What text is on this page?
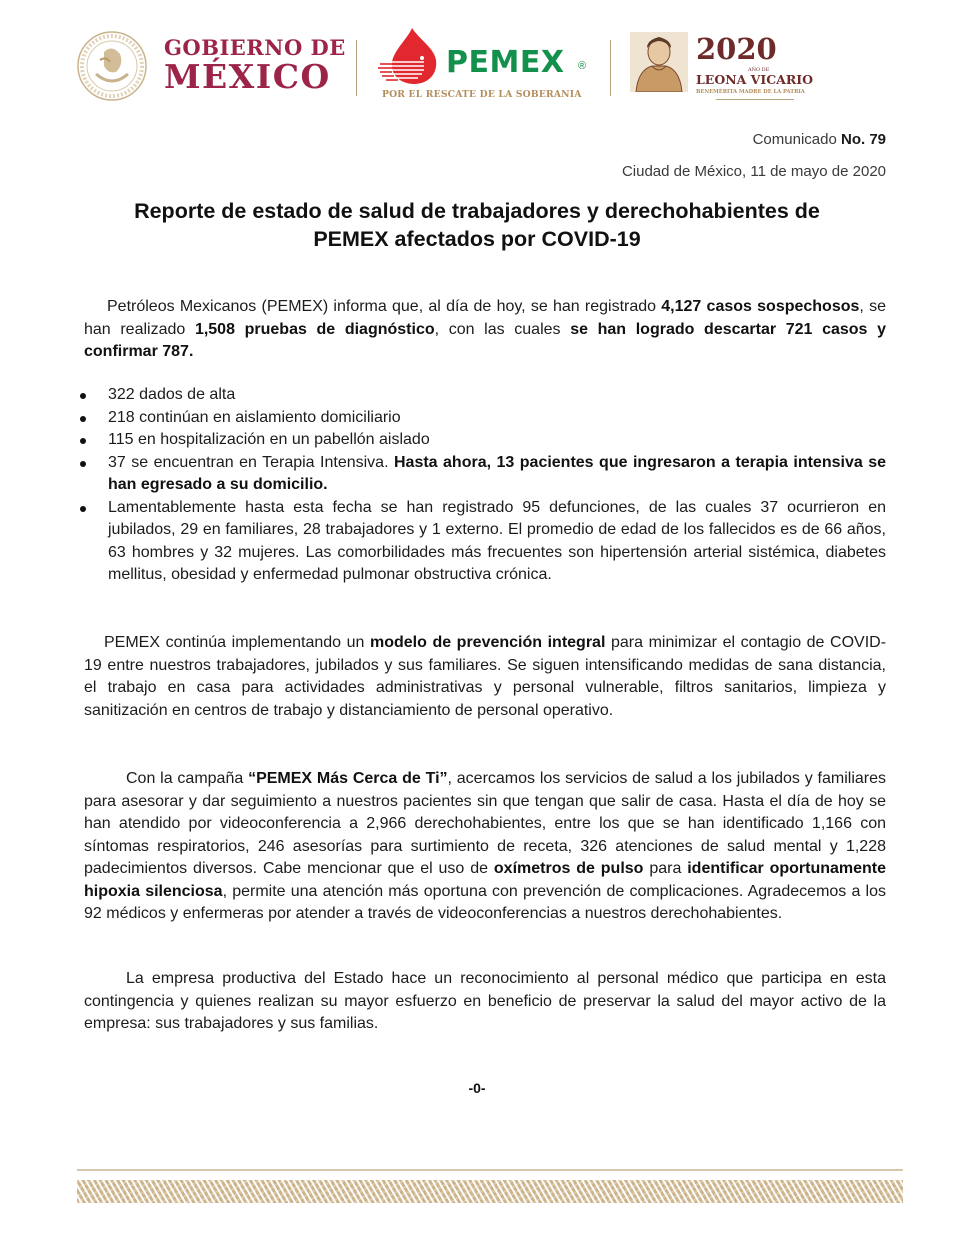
GOBIERNO DE
MÉXICO	PEMEX ®
POR EL RESCATE DE LA SOBERANIA
2020
AÑO DE
LEONA VICARIO
BENEMÉRITA MADRE DE LA PATRIA
Comunicado No. 79
Ciudad de México, 11 de mayo de 2020
Reporte de estado de salud de trabajadores y derechohabientes de
PEMEX afectados por COVID-19
Petróleos Mexicanos (PEMEX) informa que, al día de hoy, se han registrado 4,127 casos sospechosos, se han realizado 1,508 pruebas de diagnóstico, con las cuales se han logrado descartar 721 casos y confirmar 787.
322 dados de alta
218 continúan en aislamiento domiciliario
115 en hospitalización en un pabellón aislado
37 se encuentran en Terapia Intensiva. Hasta ahora, 13 pacientes que ingresaron a terapia intensiva se han egresado a su domicilio.
Lamentablemente hasta esta fecha se han registrado 95 defunciones, de las cuales 37 ocurrieron en jubilados, 29 en familiares, 28 trabajadores y 1 externo. El promedio de edad de los fallecidos es de 66 años, 63 hombres y 32 mujeres. Las comorbilidades más frecuentes son hipertensión arterial sistémica, diabetes mellitus, obesidad y enfermedad pulmonar obstructiva crónica.
PEMEX continúa implementando un modelo de prevención integral para minimizar el contagio de COVID-19 entre nuestros trabajadores, jubilados y sus familiares. Se siguen intensificando medidas de sana distancia, el trabajo en casa para actividades administrativas y personal vulnerable, filtros sanitarios, limpieza y sanitización en centros de trabajo y distanciamiento de personal operativo.
Con la campaña “PEMEX Más Cerca de Ti”, acercamos los servicios de salud a los jubilados y familiares para asesorar y dar seguimiento a nuestros pacientes sin que tengan que salir de casa. Hasta el día de hoy se han atendido por videoconferencia a 2,966 derechohabientes, entre los que se han identificado 1,166 con síntomas respiratorios, 246 asesorías para surtimiento de receta, 326 atenciones de salud mental y 1,228 padecimientos diversos. Cabe mencionar que el uso de oxímetros de pulso para identificar oportunamente hipoxia silenciosa, permite una atención más oportuna con prevención de complicaciones. Agradecemos a los 92 médicos y enfermeras por atender a través de videoconferencias a nuestros derechohabientes.
La empresa productiva del Estado hace un reconocimiento al personal médico que participa en esta contingencia y quienes realizan su mayor esfuerzo en beneficio de preservar la salud del mayor activo de la empresa: sus trabajadores y sus familias.
-0-
